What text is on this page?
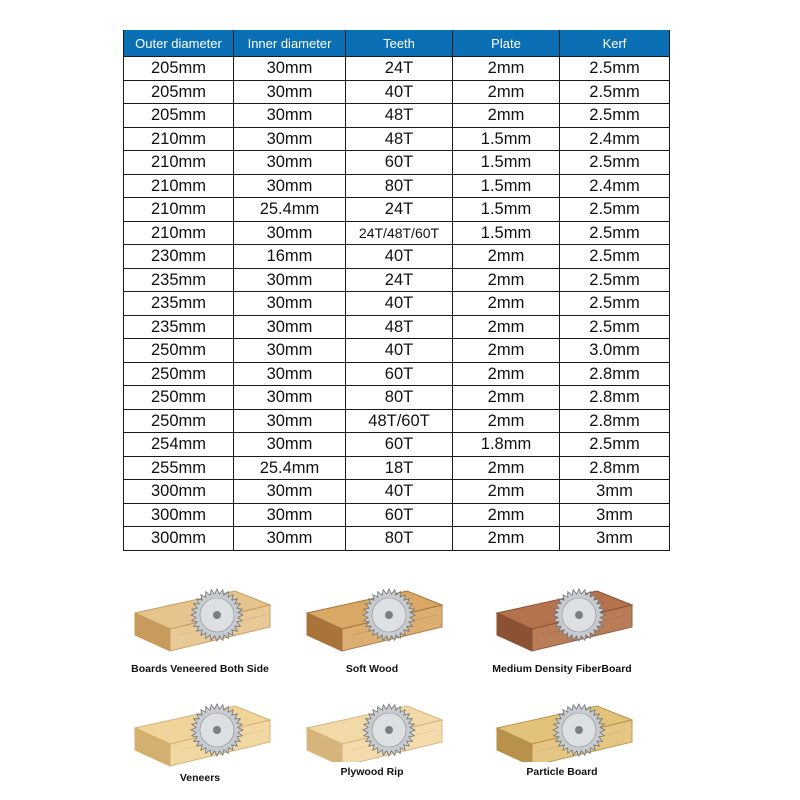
Outer diameter	Inner diameter	Teeth	Plate	Kerf
205mm	30mm	24T	2mm	2.5mm
205mm	30mm	40T	2mm	2.5mm
205mm	30mm	48T	2mm	2.5mm
210mm	30mm	48T	1.5mm	2.4mm
210mm	30mm	60T	1.5mm	2.5mm
210mm	30mm	80T	1.5mm	2.4mm
210mm	25.4mm	24T	1.5mm	2.5mm
210mm	30mm	24T/48T/60T	1.5mm	2.5mm
230mm	16mm	40T	2mm	2.5mm
235mm	30mm	24T	2mm	2.5mm
235mm	30mm	40T	2mm	2.5mm
235mm	30mm	48T	2mm	2.5mm
250mm	30mm	40T	2mm	3.0mm
250mm	30mm	60T	2mm	2.8mm
250mm	30mm	80T	2mm	2.8mm
250mm	30mm	48T/60T	2mm	2.8mm
254mm	30mm	60T	1.8mm	2.5mm
255mm	25.4mm	18T	2mm	2.8mm
300mm	30mm	40T	2mm	3mm
300mm	30mm	60T	2mm	3mm
300mm	30mm	80T	2mm	3mm
Boards Veneered Both Side	Soft Wood	Medium Density FiberBoard
Veneers	Plywood Rip	Particle Board
